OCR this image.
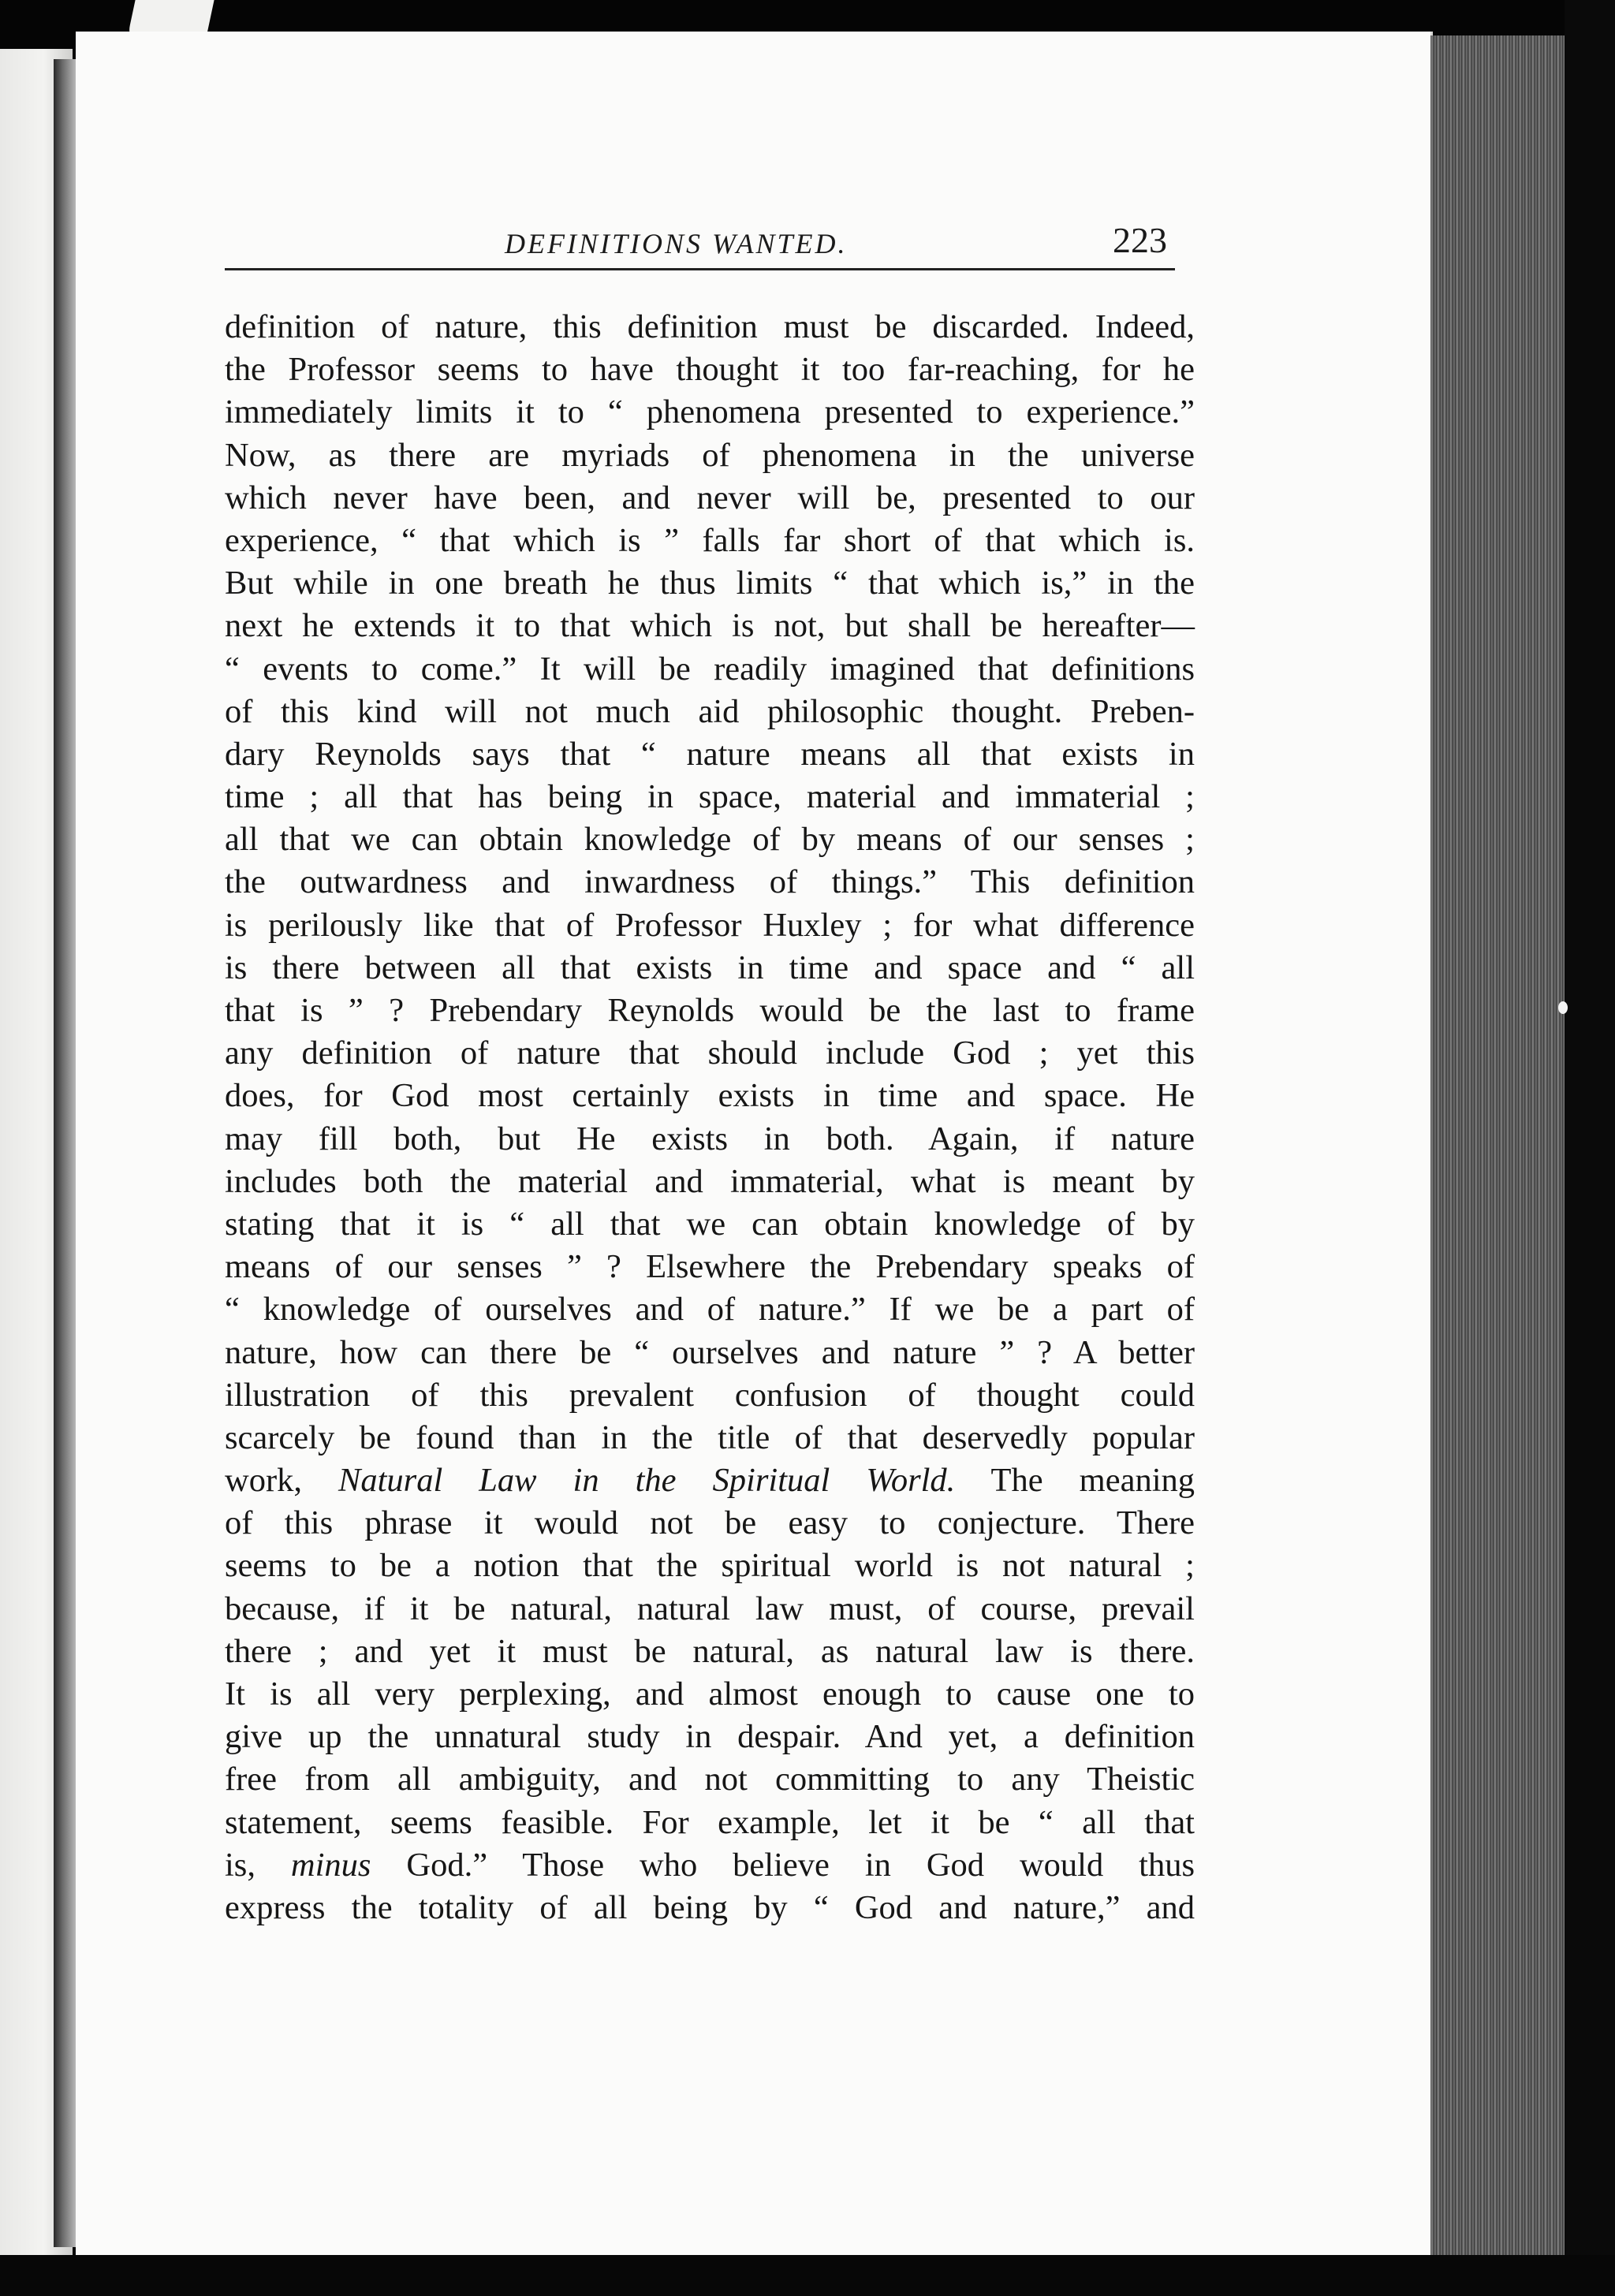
DEFINITIONS WANTED.	223
definition of nature, this definition must be discarded. Indeed,
the Professor seems to have thought it too far-reaching, for he
immediately limits it to “ phenomena presented to experience.”
Now, as there are myriads of phenomena in the universe
which never have been, and never will be, presented to our
experience, “ that which is ” falls far short of that which is.
But while in one breath he thus limits “ that which is,” in the
next he extends it to that which is not, but shall be hereafter—
“ events to come.” It will be readily imagined that definitions
of this kind will not much aid philosophic thought. Preben-
dary Reynolds says that “ nature means all that exists in
time ; all that has being in space, material and immaterial ;
all that we can obtain knowledge of by means of our senses ;
the outwardness and inwardness of things.” This definition
is perilously like that of Professor Huxley ; for what difference
is there between all that exists in time and space and “ all
that is ” ? Prebendary Reynolds would be the last to frame
any definition of nature that should include God ; yet this
does, for God most certainly exists in time and space. He
may fill both, but He exists in both. Again, if nature
includes both the material and immaterial, what is meant by
stating that it is “ all that we can obtain knowledge of by
means of our senses ” ? Elsewhere the Prebendary speaks of
“ knowledge of ourselves and of nature.” If we be a part of
nature, how can there be “ ourselves and nature ” ? A better
illustration of this prevalent confusion of thought could
scarcely be found than in the title of that deservedly popular
work, Natural Law in the Spiritual World. The meaning
of this phrase it would not be easy to conjecture. There
seems to be a notion that the spiritual world is not natural ;
because, if it be natural, natural law must, of course, prevail
there ; and yet it must be natural, as natural law is there.
It is all very perplexing, and almost enough to cause one to
give up the unnatural study in despair. And yet, a definition
free from all ambiguity, and not committing to any Theistic
statement, seems feasible. For example, let it be “ all that
is, minus God.” Those who believe in God would thus
express the totality of all being by “ God and nature,” and
